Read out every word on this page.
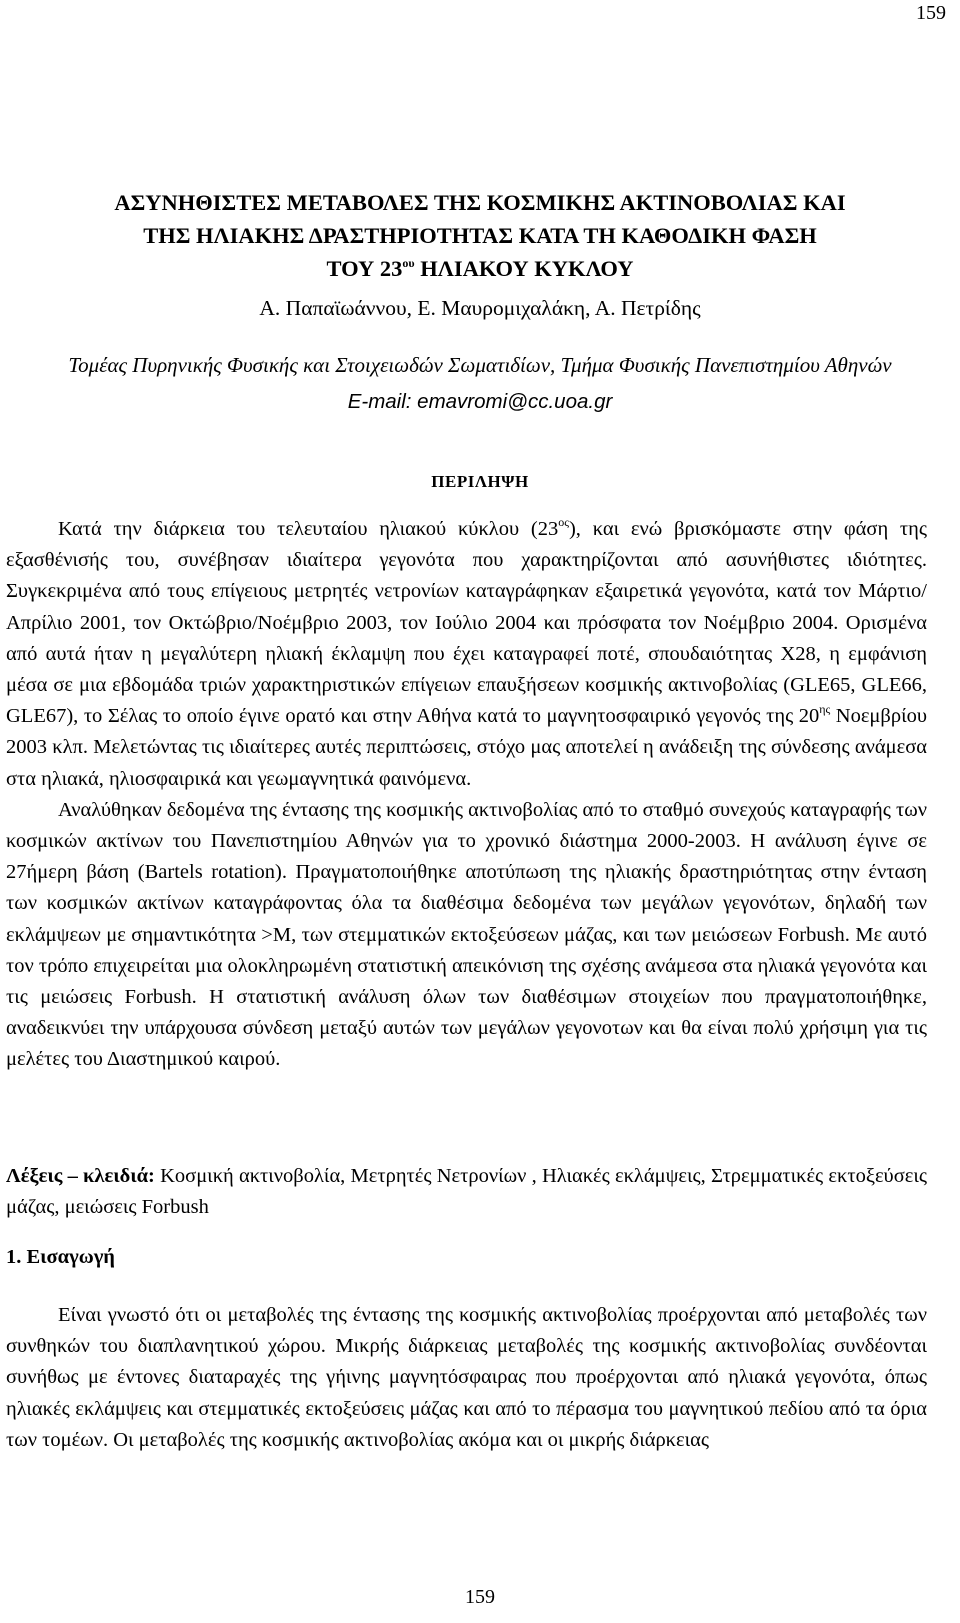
159
ΑΣΥΝΗΘΙΣΤΕΣ ΜΕΤΑΒΟΛΕΣ ΤΗΣ ΚΟΣΜΙΚΗΣ ΑΚΤΙΝΟΒΟΛΙΑΣ ΚΑΙ
ΤΗΣ ΗΛΙΑΚΗΣ ΔΡΑΣΤΗΡΙΟΤΗΤΑΣ ΚΑΤΑ ΤΗ ΚΑΘΟΔΙΚΗ ΦΑΣΗ
ΤΟΥ $23^{o\upsilon}$ ΗΛΙΑΚΟΥ ΚΥΚΛΟΥ
Α. Παπαϊωάννου, Ε. Μαυρομιχαλάκη, Α. Πετρίδης
Τομέας Πυρηνικής Φυσικής και Στοιχειωδών Σωματιδίων, Τμήμα Φυσικής Πανεπιστημίου Αθηνών
E-mail: emavromi@cc.uoa.gr
ΠΕΡΙΛΗΨΗ

Κατά την διάρκεια του τελευταίου ηλιακού κύκλου $(23^{o\varsigma})$, και ενώ βρισκόμαστε στην φάση της εξασθένισής του, συνέβησαν ιδιαίτερα γεγονότα που χαρακτηρίζονται από ασυνήθιστες ιδιότητες. Συγκεκριμένα από τους επίγειους μετρητές νετρονίων καταγράφηκαν εξαιρετικά γεγονότα, κατά τον Μάρτιο/Απρίλιο 2001, τον Οκτώβριο/Νοέμβριο 2003, τον Ιούλιο 2004 και πρόσφατα τον Νοέμβριο 2004. Ορισμένα από αυτά ήταν η μεγαλύτερη ηλιακή έκλαμψη που έχει καταγραφεί ποτέ, σπουδαιότητας Χ28, η εμφάνιση μέσα σε μια εβδομάδα τριών χαρακτηριστικών επίγειων επαυξήσεων κοσμικής ακτινοβολίας (GLE65, GLE66, GLE67), το Σέλας το οποίο έγινε ορατό και στην Αθήνα κατά το μαγνητοσφαιρικό γεγονός της $20^{\eta\varsigma}$ Νοεμβρίου 2003 κλπ. Μελετώντας τις ιδιαίτερες αυτές περιπτώσεις, στόχο μας αποτελεί η ανάδειξη της σύνδεσης ανάμεσα στα ηλιακά, ηλιοσφαιρικά και γεωμαγνητικά φαινόμενα.

Αναλύθηκαν δεδομένα της έντασης της κοσμικής ακτινοβολίας από το σταθμό συνεχούς καταγραφής των κοσμικών ακτίνων του Πανεπιστημίου Αθηνών για το χρονικό διάστημα 2000-2003. Η ανάλυση έγινε σε 27ήμερη βάση (Bartels rotation). Πραγματοποιήθηκε αποτύπωση της ηλιακής δραστηριότητας στην ένταση των κοσμικών ακτίνων καταγράφοντας όλα τα διαθέσιμα δεδομένα των μεγάλων γεγονότων, δηλαδή των εκλάμψεων με σημαντικότητα >Μ, των στεμματικών εκτοξεύσεων μάζας, και των μειώσεων Forbush. Με αυτό τον τρόπο επιχειρείται μια ολοκληρωμένη στατιστική απεικόνιση της σχέσης ανάμεσα στα ηλιακά γεγονότα και τις μειώσεις Forbush. Η στατιστική ανάλυση όλων των διαθέσιμων στοιχείων που πραγματοποιήθηκε, αναδεικνύει την υπάρχουσα σύνδεση μεταξύ αυτών των μεγάλων γεγονοτων και θα είναι πολύ χρήσιμη για τις μελέτες του Διαστημικού καιρού.

Λέξεις – κλειδιά: Κοσμική ακτινοβολία, Μετρητές Νετρονίων , Ηλιακές εκλάμψεις, Στρεμματικές εκτοξεύσεις μάζας, μειώσεις Forbush

1. Εισαγωγή

Είναι γνωστό ότι οι μεταβολές της έντασης της κοσμικής ακτινοβολίας προέρχονται από μεταβολές των συνθηκών του διαπλανητικού χώρου. Μικρής διάρκειας μεταβολές της κοσμικής ακτινοβολίας συνδέονται συνήθως με έντονες διαταραχές της γήινης μαγνητόσφαιρας που προέρχονται από ηλιακά γεγονότα, όπως ηλιακές εκλάμψεις και στεμματικές εκτοξεύσεις μάζας και από το πέρασμα του μαγνητικού πεδίου από τα όρια των τομέων. Οι μεταβολές της κοσμικής ακτινοβολίας ακόμα και οι μικρής διάρκειας

159
